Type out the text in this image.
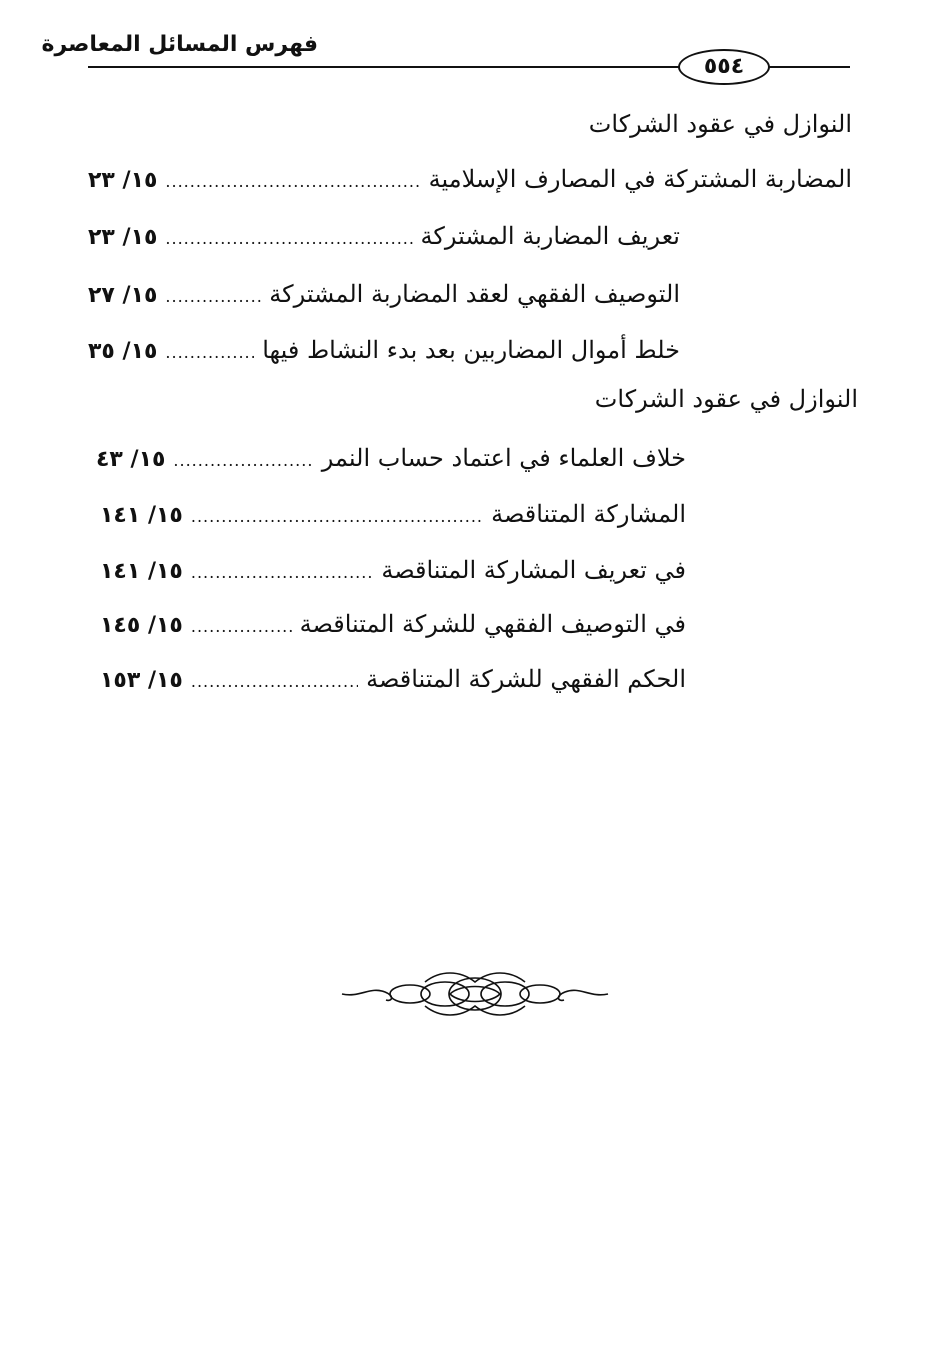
فهرس المسائل المعاصرة
٥٥٤
النوازل في عقود الشركات
المضاربة المشتركة في المصارف الإسلامية
.....
١٥/ ٢٣
تعريف المضاربة المشتركة
.....
١٥/ ٢٣
التوصيف الفقهي لعقد المضاربة المشتركة
.....
١٥/ ٢٧
خلط أموال المضاربين بعد بدء النشاط فيها
.....
١٥/ ٣٥
النوازل في عقود الشركات
خلاف العلماء في اعتماد حساب النمر
.....
١٥/ ٤٣
المشاركة المتناقصة
.....
١٥/ ١٤١
في تعريف المشاركة المتناقصة
.....
١٥/ ١٤١
في التوصيف الفقهي للشركة المتناقصة
.....
١٥/ ١٤٥
الحكم الفقهي للشركة المتناقصة
.....
١٥/ ١٥٣
